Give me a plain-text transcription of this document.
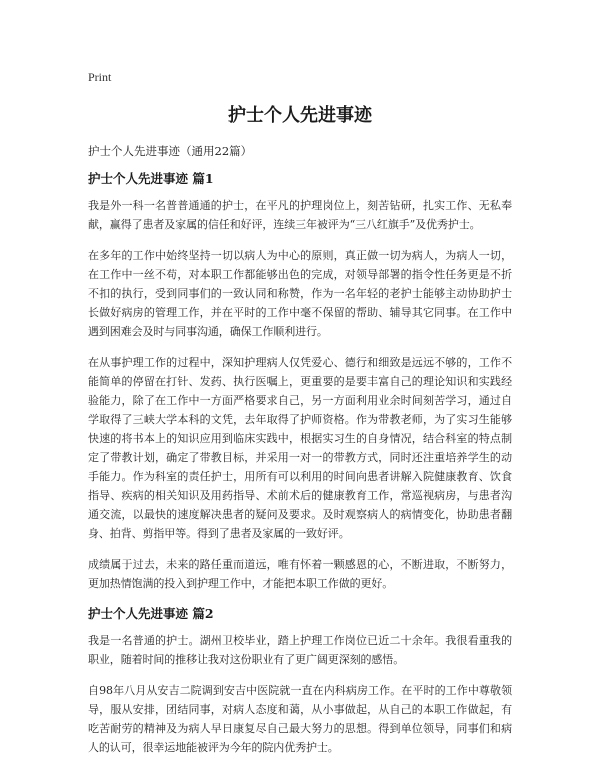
Print
护士个人先进事迹

护士个人先进事迹（通用22篇）

护士个人先进事迹 篇1

我是外一科一名普普通通的护士，在平凡的护理岗位上，刻苦钻研，扎实工作、无私奉献，赢得了患者及家属的信任和好评，连续三年被评为“三八红旗手”及优秀护士。

在多年的工作中始终坚持一切以病人为中心的原则，真正做一切为病人，为病人一切，在工作中一丝不苟，对本职工作都能够出色的完成，对领导部署的指令性任务更是不折不扣的执行，受到同事们的一致认同和称赞，作为一名年轻的老护士能够主动协助护士长做好病房的管理工作，并在平时的工作中毫不保留的帮助、辅导其它同事。在工作中遇到困难会及时与同事沟通，确保工作顺利进行。

在从事护理工作的过程中，深知护理病人仅凭爱心、德行和细致是远远不够的，工作不能简单的停留在打针、发药、执行医嘱上，更重要的是要丰富自己的理论知识和实践经验能力，除了在工作中一方面严格要求自己，另一方面利用业余时间刻苦学习，通过自学取得了三峡大学本科的文凭，去年取得了护师资格。作为带教老师，为了实习生能够快速的将书本上的知识应用到临床实践中，根据实习生的自身情况，结合科室的特点制定了带教计划，确定了带教目标，并采用一对一的带教方式，同时还注重培养学生的动手能力。作为科室的责任护士，用所有可以利用的时间向患者讲解入院健康教育、饮食指导、疾病的相关知识及用药指导、术前术后的健康教育工作，常巡视病房，与患者沟通交流，以最快的速度解决患者的疑问及要求。及时观察病人的病情变化，协助患者翻身、拍背、剪指甲等。得到了患者及家属的一致好评。

成绩属于过去，未来的路任重而道远，唯有怀着一颗感恩的心，不断进取，不断努力，更加热情饱满的投入到护理工作中，才能把本职工作做的更好。

护士个人先进事迹 篇2

我是一名普通的护士。湖州卫校毕业，踏上护理工作岗位已近二十余年。我很看重我的职业，随着时间的推移让我对这份职业有了更广阔更深刻的感悟。

自98年八月从安吉二院调到安吉中医院就一直在内科病房工作。在平时的工作中尊敬领导，服从安排，团结同事，对病人态度和蔼，从小事做起，从自己的本职工作做起，有吃苦耐劳的精神及为病人早日康复尽自己最大努力的思想。得到单位领导，同事们和病人的认可，很幸运地能被评为今年的院内优秀护士。
